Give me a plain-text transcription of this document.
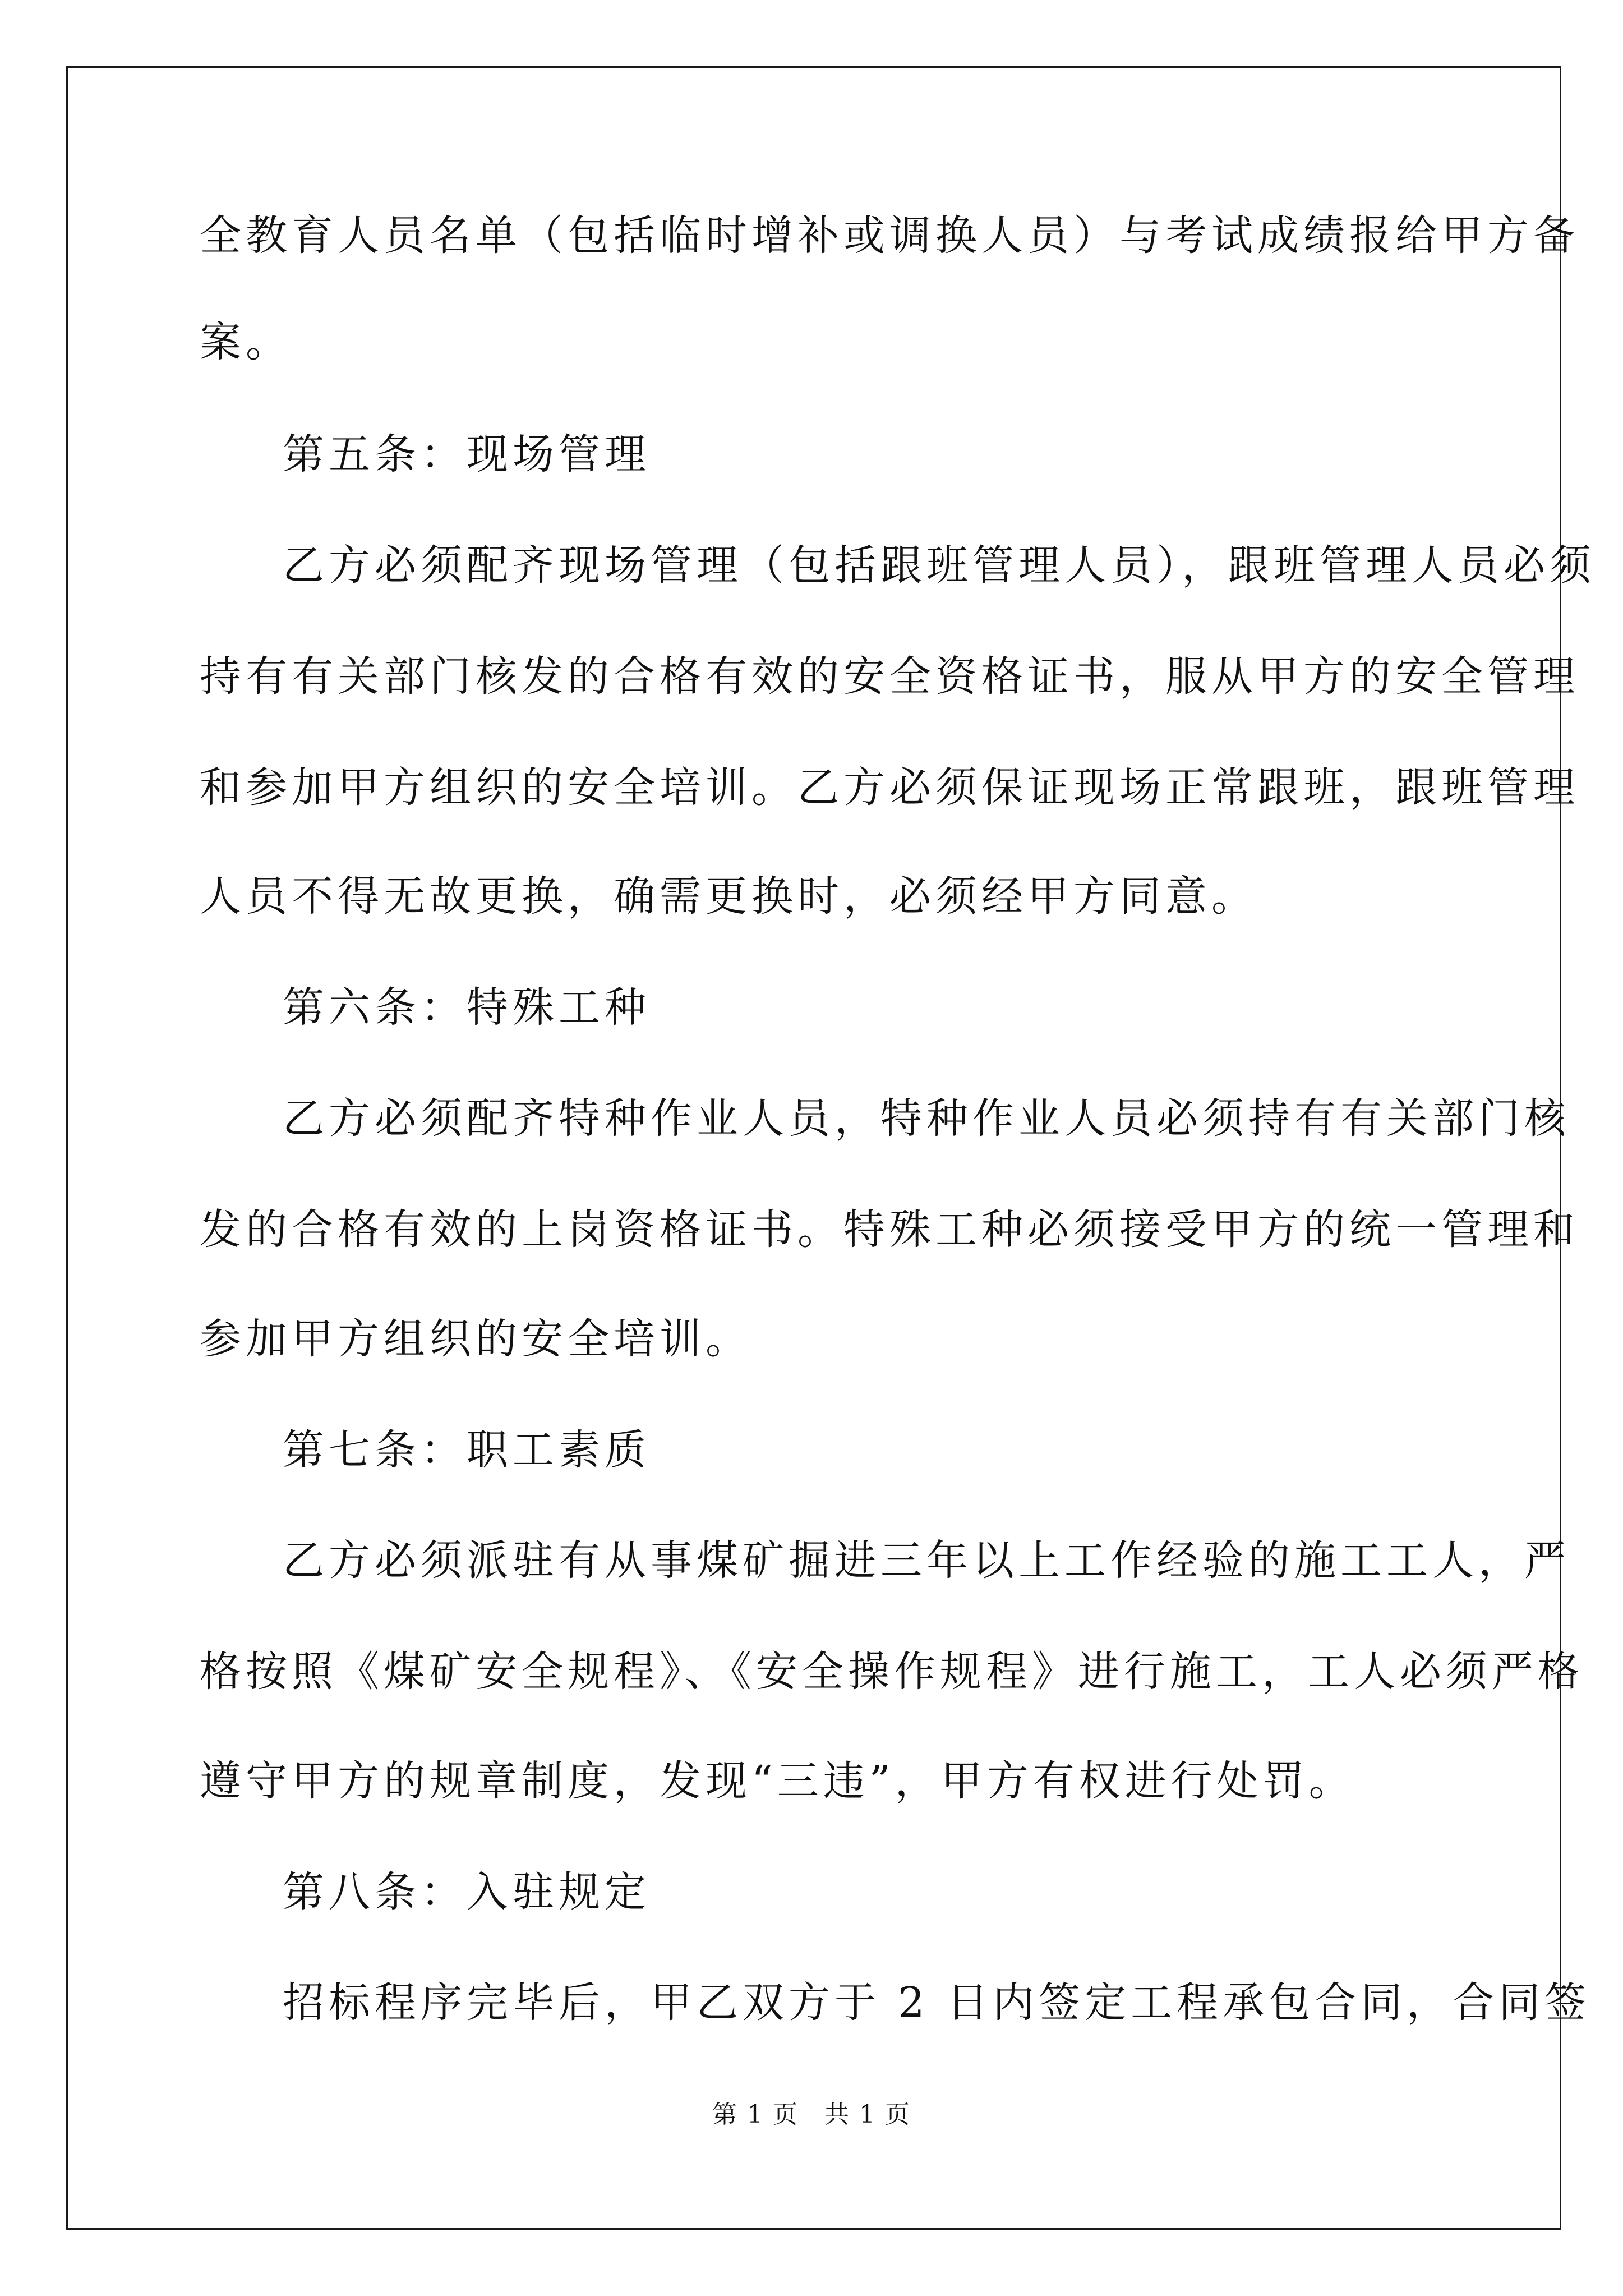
全教育人员名单（包括临时增补或调换人员）与考试成绩报给甲方备
案。
第五条：现场管理
乙方必须配齐现场管理（包括跟班管理人员），跟班管理人员必须
持有有关部门核发的合格有效的安全资格证书，服从甲方的安全管理
和参加甲方组织的安全培训。乙方必须保证现场正常跟班，跟班管理
人员不得无故更换，确需更换时，必须经甲方同意。
第六条：特殊工种
乙方必须配齐特种作业人员，特种作业人员必须持有有关部门核
发的合格有效的上岗资格证书。特殊工种必须接受甲方的统一管理和
参加甲方组织的安全培训。
第七条：职工素质
乙方必须派驻有从事煤矿掘进三年以上工作经验的施工工人，严
格按照《煤矿安全规程》、《安全操作规程》进行施工，工人必须严格
遵守甲方的规章制度，发现“三违”，甲方有权进行处罚。
第八条：入驻规定
招标程序完毕后，甲乙双方于 2 日内签定工程承包合同，合同签
第 1 页　共 1 页
